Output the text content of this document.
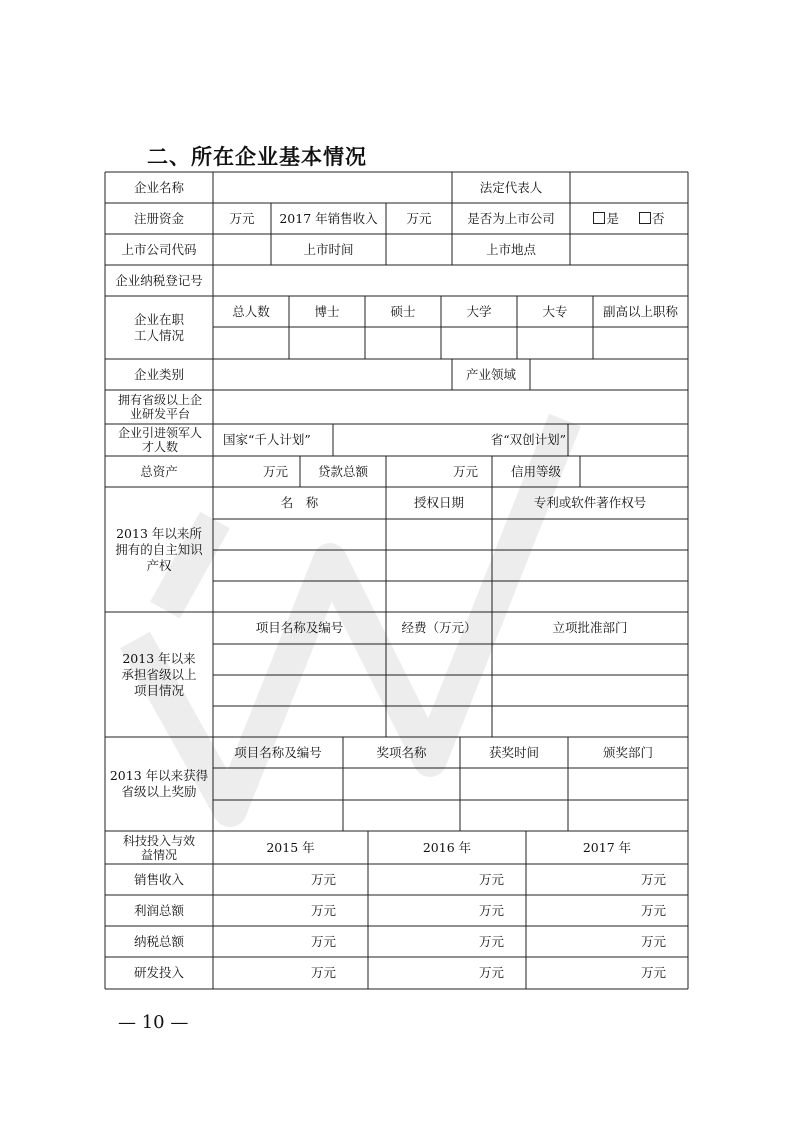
二、所在企业基本情况
企业名称	法定代表人
注册资金	万元	2017 年销售收入	万元	是否为上市公司	是	否
上市公司代码	上市时间	上市地点
企业纳税登记号
企业在职工人情况
总人数	博士	硕士	大学	大专	副高以上职称
企业类别	产业领域
拥有省级以上企业研发平台
企业引进领军人才人数	国家“千人计划”	省“双创计划”
总资产	万元	贷款总额	万元	信用等级
2013 年以来所拥有的自主知识产权
名　称	授权日期	专利或软件著作权号
2013 年以来承担省级以上项目情况
项目名称及编号	经费（万元）	立项批准部门
2013 年以来获得省级以上奖励
项目名称及编号	奖项名称	获奖时间	颁奖部门
科技投入与效益情况	2015 年	2016 年	2017 年
销售收入	万元	万元	万元
利润总额	万元	万元	万元
纳税总额	万元	万元	万元
研发投入	万元	万元	万元
— 10 —
